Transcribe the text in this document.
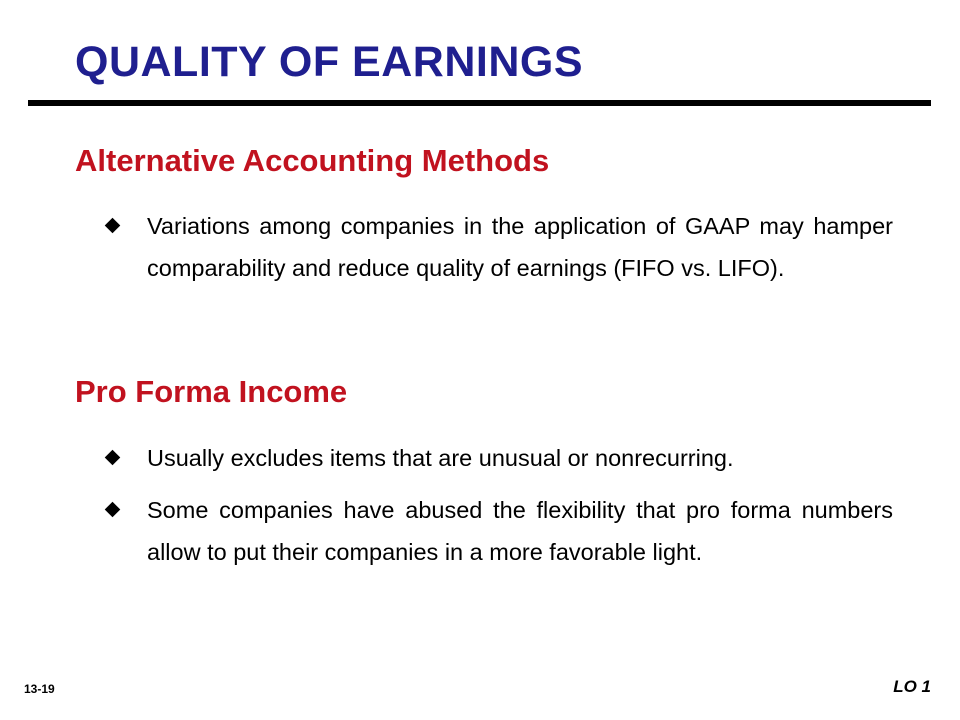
QUALITY OF EARNINGS
Alternative Accounting Methods
Variations among companies in the application of GAAP may hamper comparability and reduce quality of earnings (FIFO vs. LIFO).
Pro Forma Income
Usually excludes items that are unusual or nonrecurring.
Some companies have abused the flexibility that pro forma numbers allow to put their companies in a more favorable light.
13-19	LO 1
